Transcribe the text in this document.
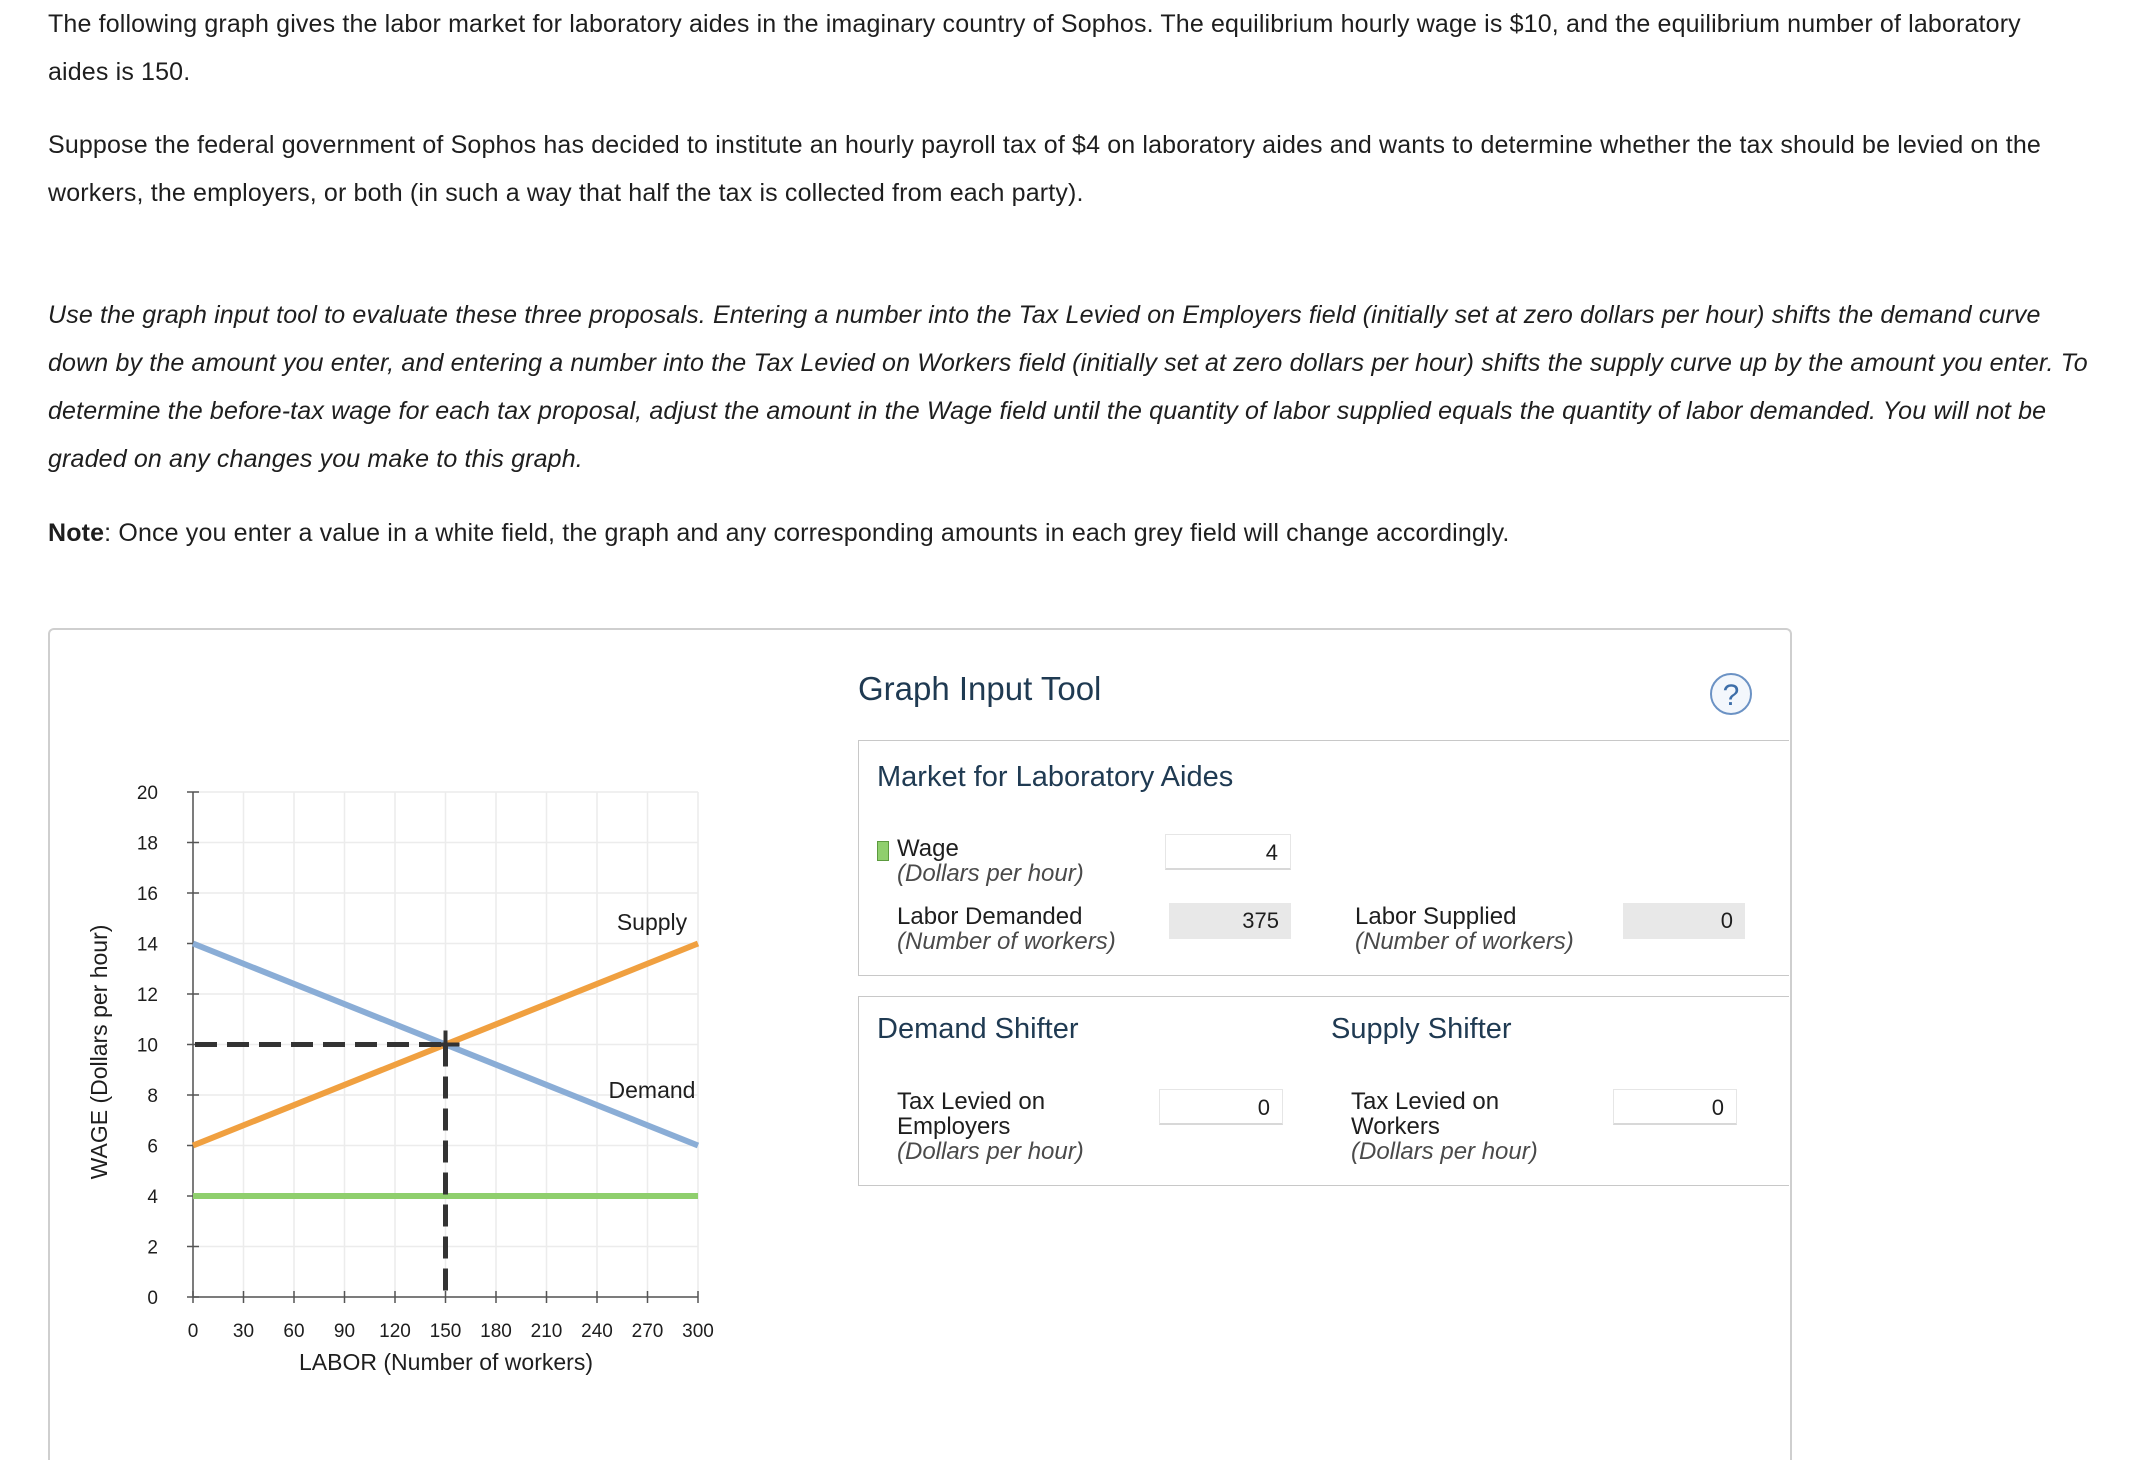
The following graph gives the labor market for laboratory aides in the imaginary country of Sophos. The equilibrium hourly wage is $10, and the equilibrium number of laboratory aides is 150.

Suppose the federal government of Sophos has decided to institute an hourly payroll tax of $4 on laboratory aides and wants to determine whether the tax should be levied on the workers, the employers, or both (in such a way that half the tax is collected from each party).

Use the graph input tool to evaluate these three proposals. Entering a number into the Tax Levied on Employers field (initially set at zero dollars per hour) shifts the demand curve down by the amount you enter, and entering a number into the Tax Levied on Workers field (initially set at zero dollars per hour) shifts the supply curve up by the amount you enter. To determine the before-tax wage for each tax proposal, adjust the amount in the Wage field until the quantity of labor supplied equals the quantity of labor demanded. You will not be graded on any changes you make to this graph.

Note: Once you enter a value in a white field, the graph and any corresponding amounts in each grey field will change accordingly.

0
2
4
6
8
10
12
14
16
18
20
0 30 60 90 120 150 180 210 240 270 300
Supply
Demand
LABOR (Number of workers)
WAGE (Dollars per hour)
Graph Input Tool	?
Market for Laboratory Aides
Wage
(Dollars per hour)
4
Labor Demanded
(Number of workers)
375	Labor Supplied
(Number of workers)
0
Demand Shifter
Tax Levied on
Employers
(Dollars per hour)
0
Supply Shifter
Tax Levied on
Workers
(Dollars per hour)
0
